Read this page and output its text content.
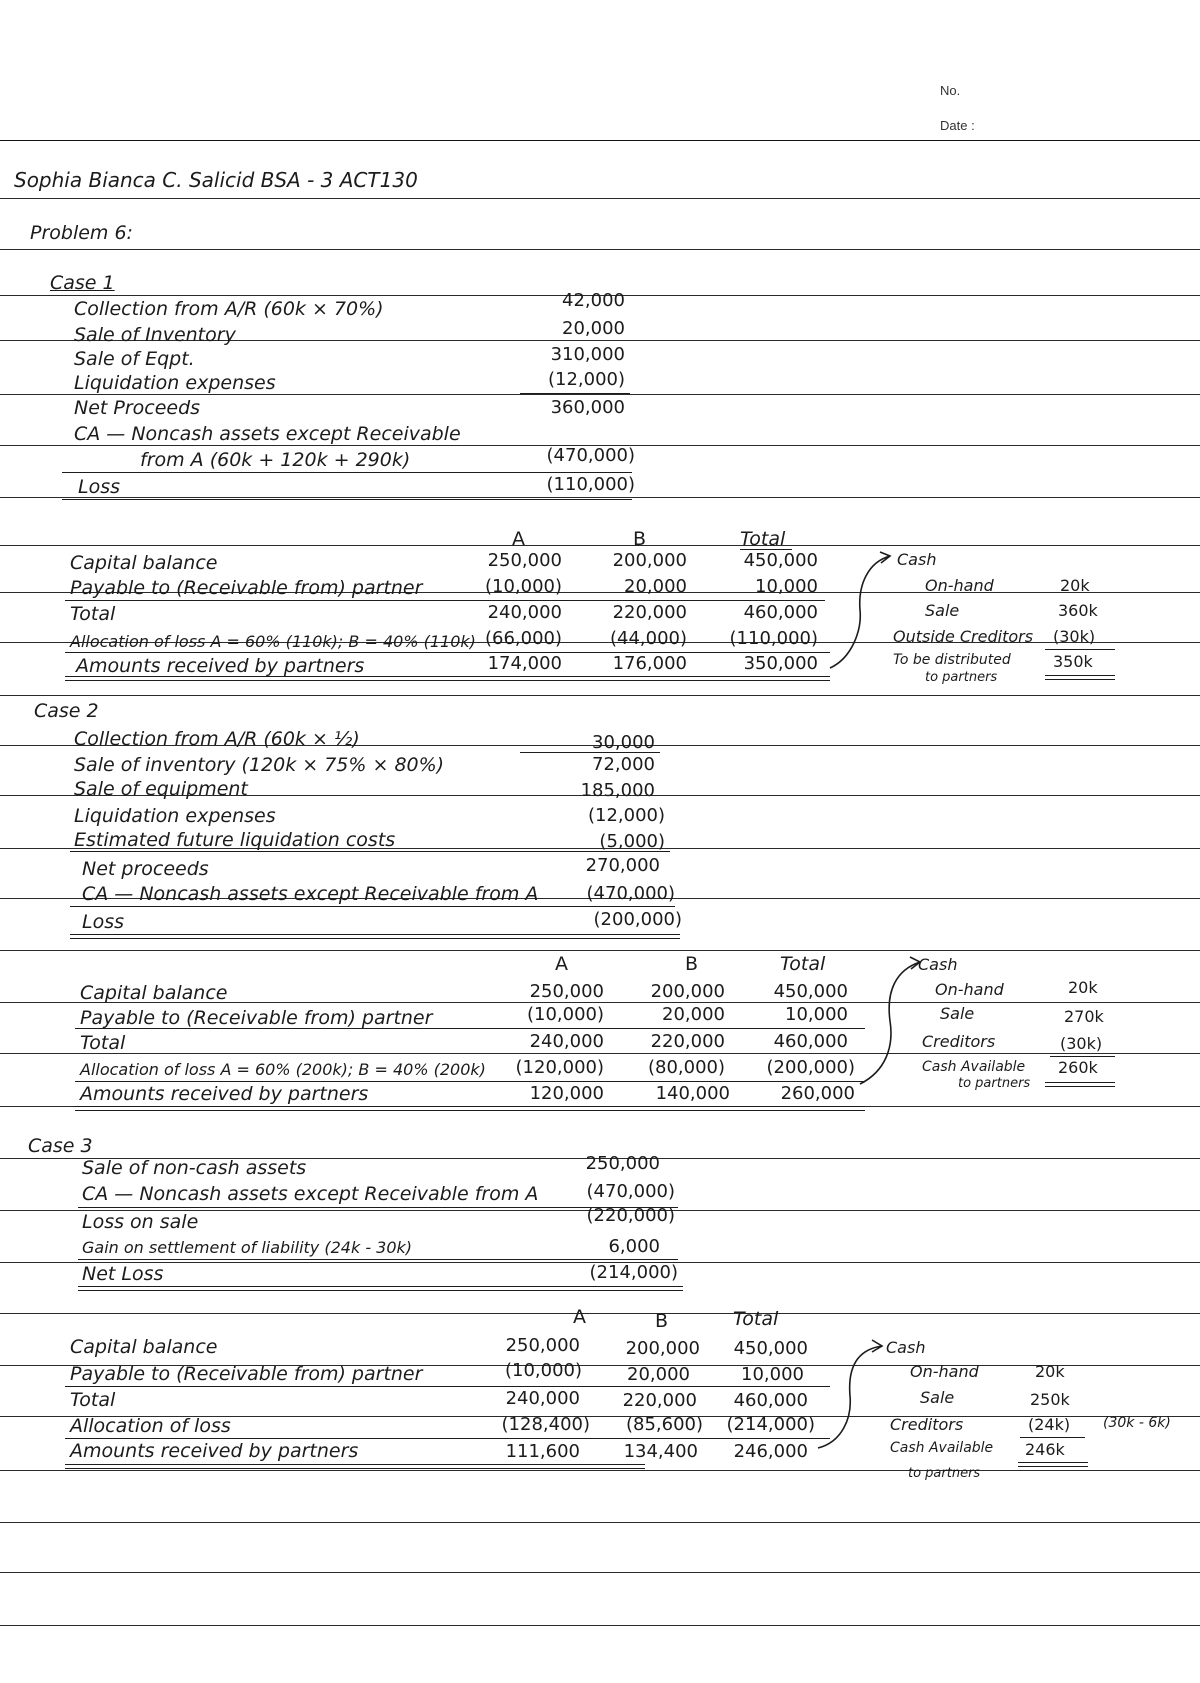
No.
Date :
Sophia Bianca C. Salicid BSA - 3 ACT130
Problem 6:
Case 1
Collection from A/R (60k × 70%)	42,000
Sale of Inventory	20,000
Sale of Eqpt.	310,000
Liquidation expenses	(12,000)
Net Proceeds	360,000
CA — Noncash assets except Receivable
from A (60k + 120k + 290k)	(470,000)
Loss	(110,000)
A	B	Total
Capital balance	250,000	200,000	450,000
Payable to (Receivable from) partner	(10,000)	20,000	10,000
Total	240,000	220,000	460,000
Allocation of loss A = 60% (110k); B = 40% (110k) (66,000)	(44,000)	(110,000)
Amounts received by partners	174,000	176,000	350,000
Cash
On-hand	20k
Sale	360k
Outside Creditors (30k)
To be distributed	350k
to partners
Case 2
Collection from A/R (60k × ½)	30,000
Sale of inventory (120k × 75% × 80%)	72,000
Sale of equipment	185,000
Liquidation expenses	(12,000)
Estimated future liquidation costs	(5,000)
Net proceeds	270,000
CA — Noncash assets except Receivable from A	(470,000)
Loss	(200,000)
A	B	Total
Capital balance	250,000	200,000	450,000
Payable to (Receivable from) partner	(10,000)	20,000	10,000
Total	240,000	220,000	460,000
Allocation of loss A = 60% (200k); B = 40% (200k)	(120,000)	(80,000)	(200,000)
Amounts received by partners	120,000	140,000	260,000
Cash
On-hand	20k
Sale	270k
Creditors	(30k)
Cash Available 260k
to partners
Case 3
Sale of non-cash assets	250,000
CA — Noncash assets except Receivable from A	(470,000)
Loss on sale	(220,000)
Gain on settlement of liability (24k - 30k)	6,000
Net Loss	(214,000)
A	B	Total
Capital balance	250,000	200,000	450,000
Payable to (Receivable from) partner	(10,000)	20,000	10,000
Total	240,000	220,000	460,000
Allocation of loss	(128,400)	(85,600)	(214,000)
Amounts received by partners	111,600	134,400	246,000
Cash
On-hand	20k
Sale	250k
Creditors	(24k) (30k - 6k)
Cash Available 246k
to partners
